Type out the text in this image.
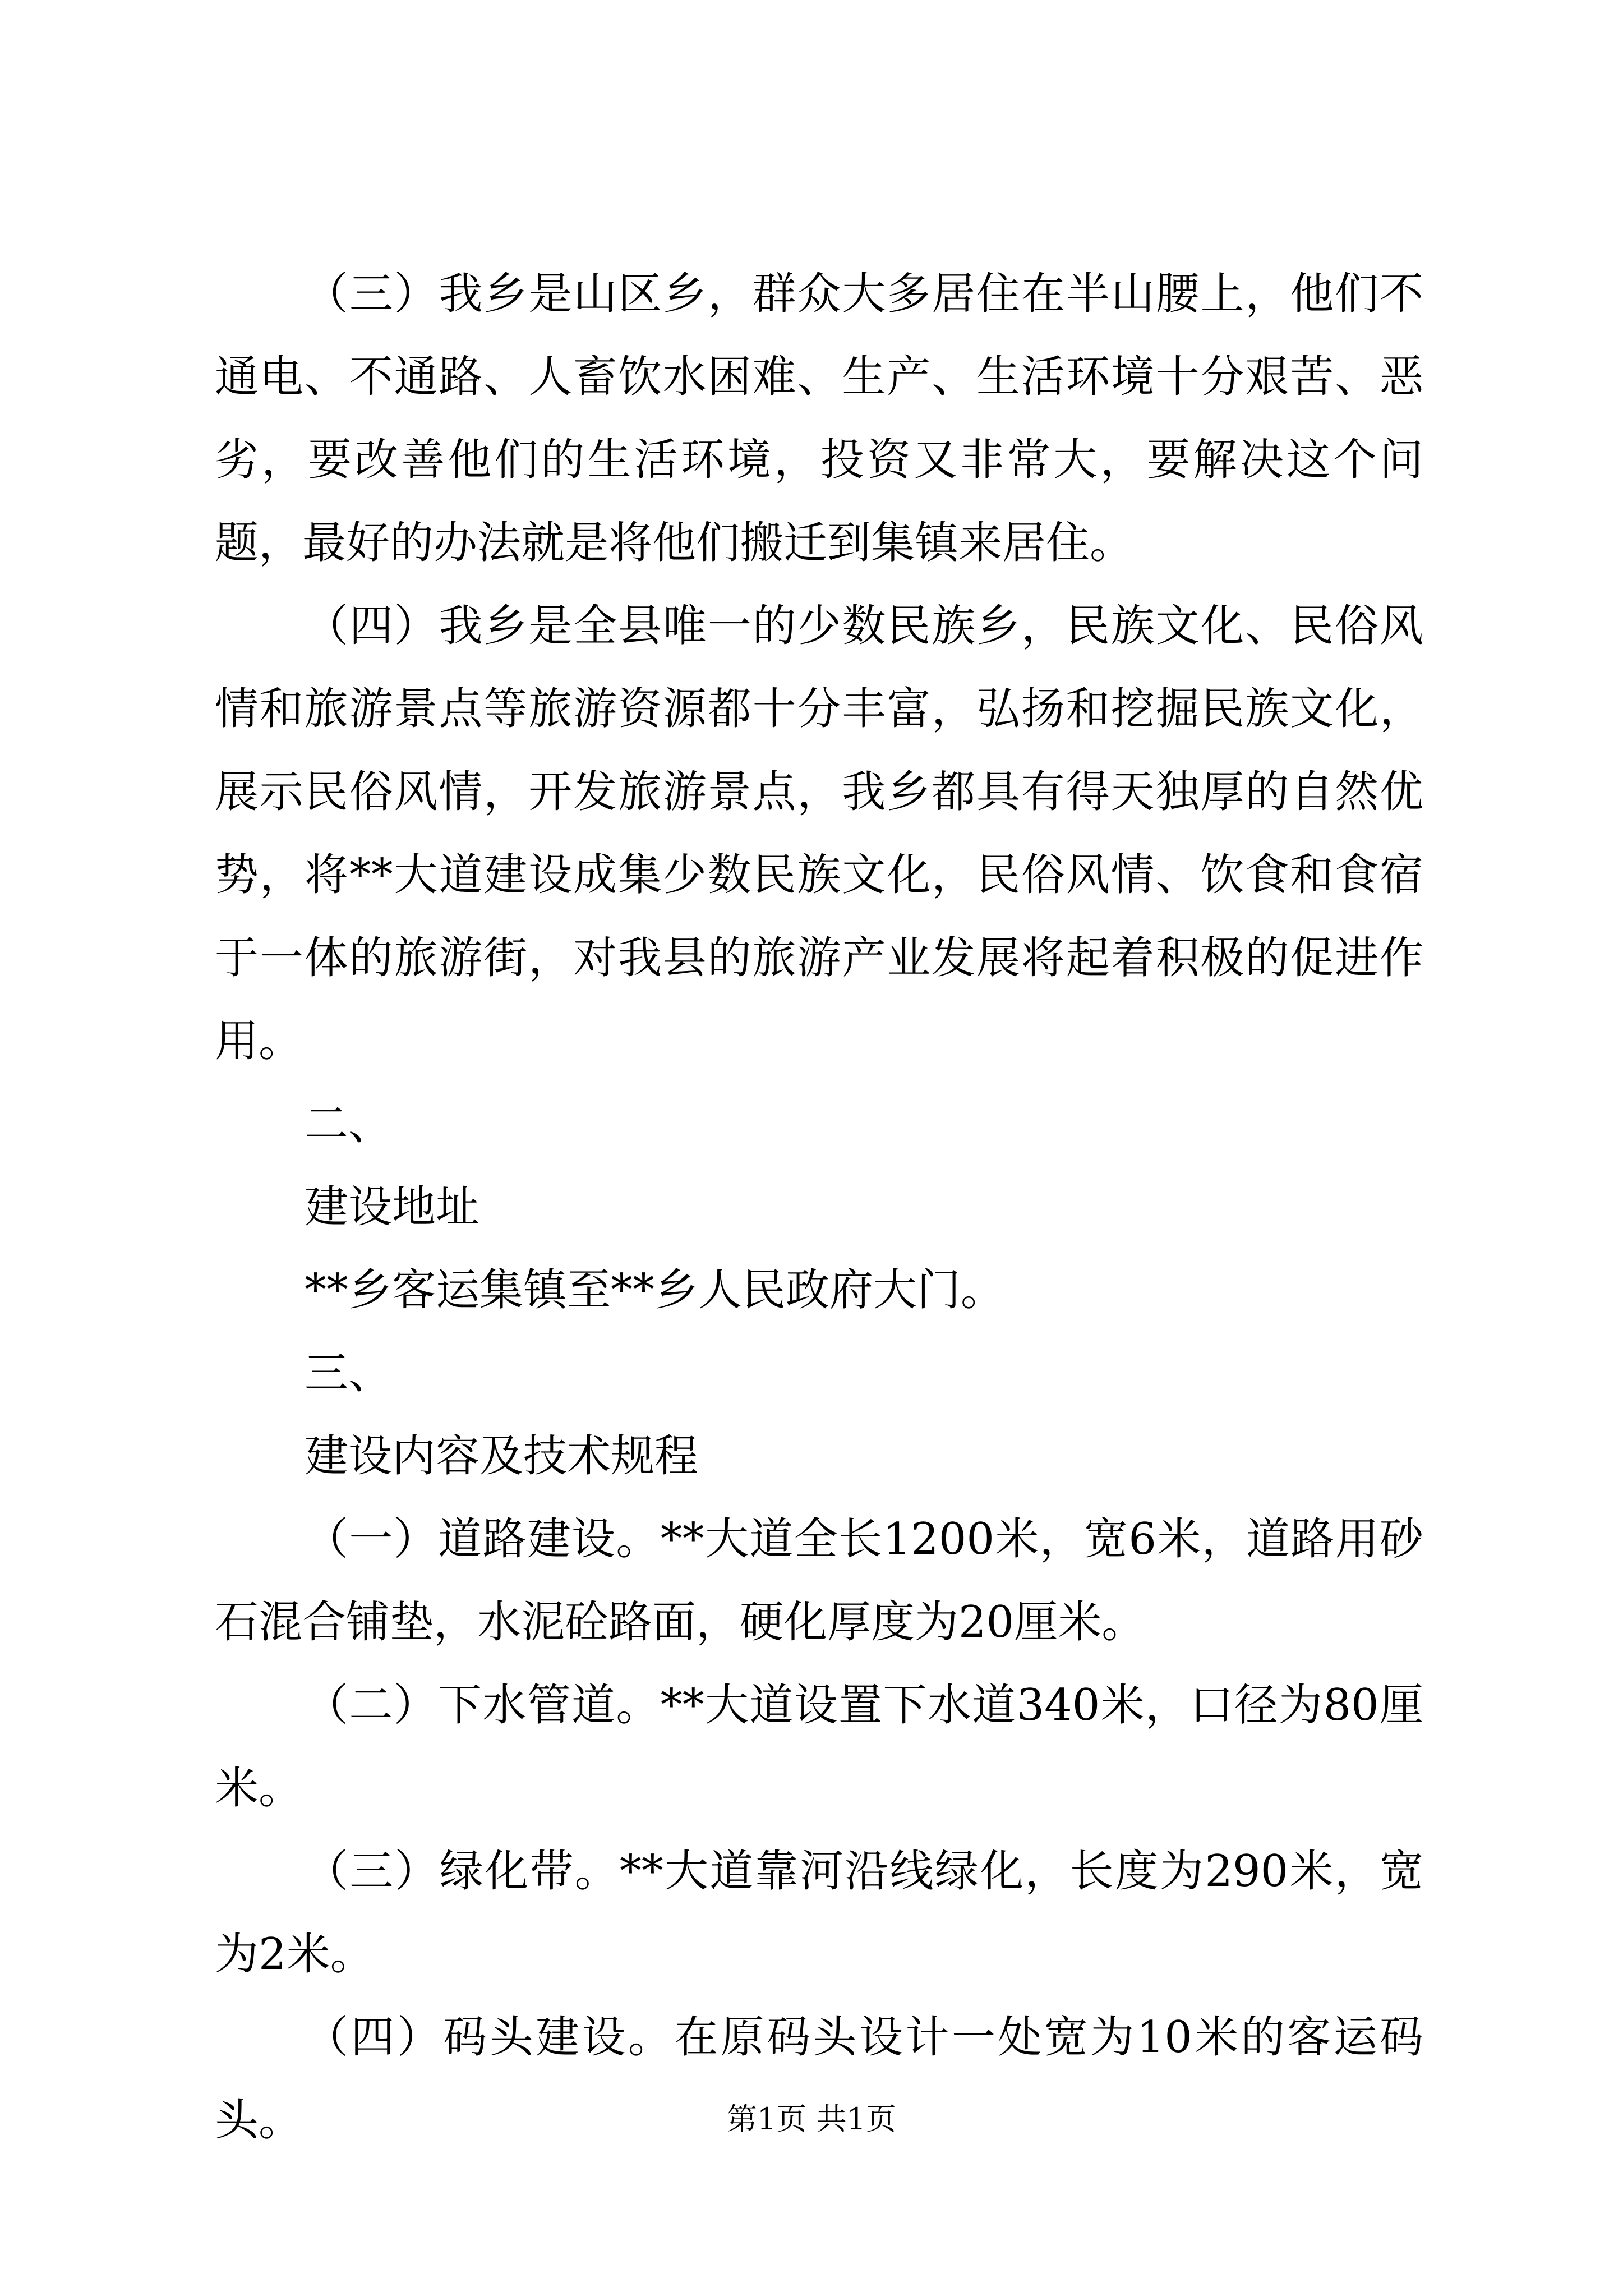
（三）我乡是山区乡，群众大多居住在半山腰上，他们不通电、不通路、人畜饮水困难、生产、生活环境十分艰苦、恶劣，要改善他们的生活环境，投资又非常大，要解决这个问题，最好的办法就是将他们搬迁到集镇来居住。

（四）我乡是全县唯一的少数民族乡，民族文化、民俗风情和旅游景点等旅游资源都十分丰富，弘扬和挖掘民族文化，展示民俗风情，开发旅游景点，我乡都具有得天独厚的自然优势，将**大道建设成集少数民族文化，民俗风情、饮食和食宿于一体的旅游街，对我县的旅游产业发展将起着积极的促进作用。

二、

建设地址

**乡客运集镇至**乡人民政府大门。

三、

建设内容及技术规程

（一）道路建设。**大道全长1200米，宽6米，道路用砂石混合铺垫，水泥砼路面，硬化厚度为20厘米。

（二）下水管道。**大道设置下水道340米，口径为80厘米。

（三）绿化带。**大道靠河沿线绿化，长度为290米，宽为2米。

（四）码头建设。在原码头设计一处宽为10米的客运码头。	第1页 共1页
